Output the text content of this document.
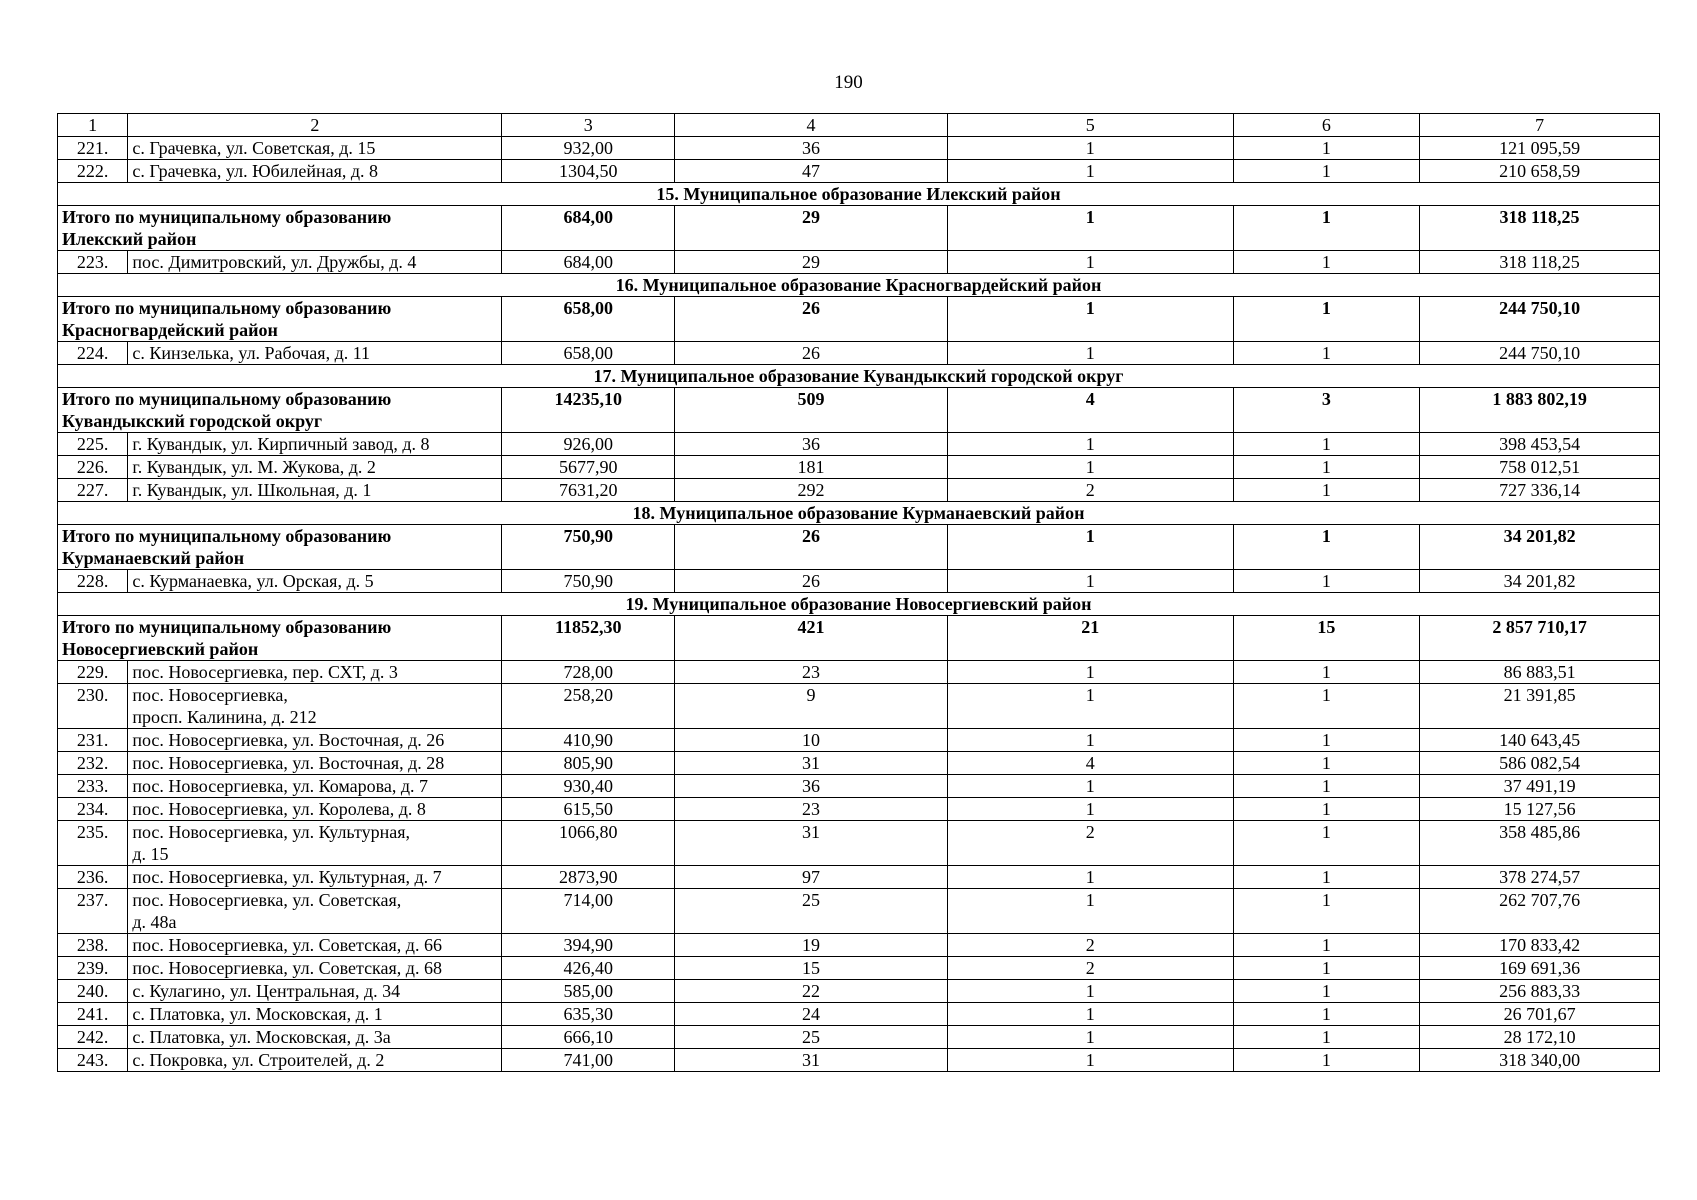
190
1	2	3	4	5	6	7
221.	с. Грачевка, ул. Советская, д. 15	932,00	36	1	1	121 095,59
222.	с. Грачевка, ул. Юбилейная, д. 8	1304,50	47	1	1	210 658,59
15. Муниципальное образование Илекский район						

Итого по муниципальному образованию
Илекский район		684,00	29	1	1	318 118,25
223.	пос. Димитровский, ул. Дружбы, д. 4	684,00	29	1	1	318 118,25
16. Муниципальное образование Красногвардейский район						

Итого по муниципальному образованию
Красногвардейский район		658,00	26	1	1	244 750,10
224.	с. Кинзелька, ул. Рабочая, д. 11	658,00	26	1	1	244 750,10
17. Муниципальное образование Кувандыкский городской округ						

Итого по муниципальному образованию
Кувандыкский городской округ		14235,10	509	4	3	1 883 802,19
225.	г. Кувандык, ул. Кирпичный завод, д. 8	926,00	36	1	1	398 453,54
226.	г. Кувандык, ул. М. Жукова, д. 2	5677,90	181	1	1	758 012,51
227.	г. Кувандык, ул. Школьная, д. 1	7631,20	292	2	1	727 336,14
18. Муниципальное образование Курманаевский район						

Итого по муниципальному образованию
Курманаевский район		750,90	26	1	1	34 201,82
228.	с. Курманаевка, ул. Орская, д. 5	750,90	26	1	1	34 201,82
19. Муниципальное образование Новосергиевский район						

Итого по муниципальному образованию
Новосергиевский район		11852,30	421	21	15	2 857 710,17
229.	пос. Новосергиевка, пер. СХТ, д. 3	728,00	23	1	1	86 883,51
230.	пос. Новосергиевка,
просп. Калинина, д. 212	258,20	9	1	1	21 391,85
231.	пос. Новосергиевка, ул. Восточная, д. 26	410,90	10	1	1	140 643,45
232.	пос. Новосергиевка, ул. Восточная, д. 28	805,90	31	4	1	586 082,54
233.	пос. Новосергиевка, ул. Комарова, д. 7	930,40	36	1	1	37 491,19
234.	пос. Новосергиевка, ул. Королева, д. 8	615,50	23	1	1	15 127,56
235.	пос. Новосергиевка, ул. Культурная,
д. 15	1066,80	31	2	1	358 485,86
236.	пос. Новосергиевка, ул. Культурная, д. 7	2873,90	97	1	1	378 274,57
237.	пос. Новосергиевка, ул. Советская,
д. 48а	714,00	25	1	1	262 707,76
238.	пос. Новосергиевка, ул. Советская, д. 66	394,90	19	2	1	170 833,42
239.	пос. Новосергиевка, ул. Советская, д. 68	426,40	15	2	1	169 691,36
240.	с. Кулагино, ул. Центральная, д. 34	585,00	22	1	1	256 883,33
241.	с. Платовка, ул. Московская, д. 1	635,30	24	1	1	26 701,67
242.	с. Платовка, ул. Московская, д. 3а	666,10	25	1	1	28 172,10
243.	с. Покровка, ул. Строителей, д. 2	741,00	31	1	1	318 340,00
